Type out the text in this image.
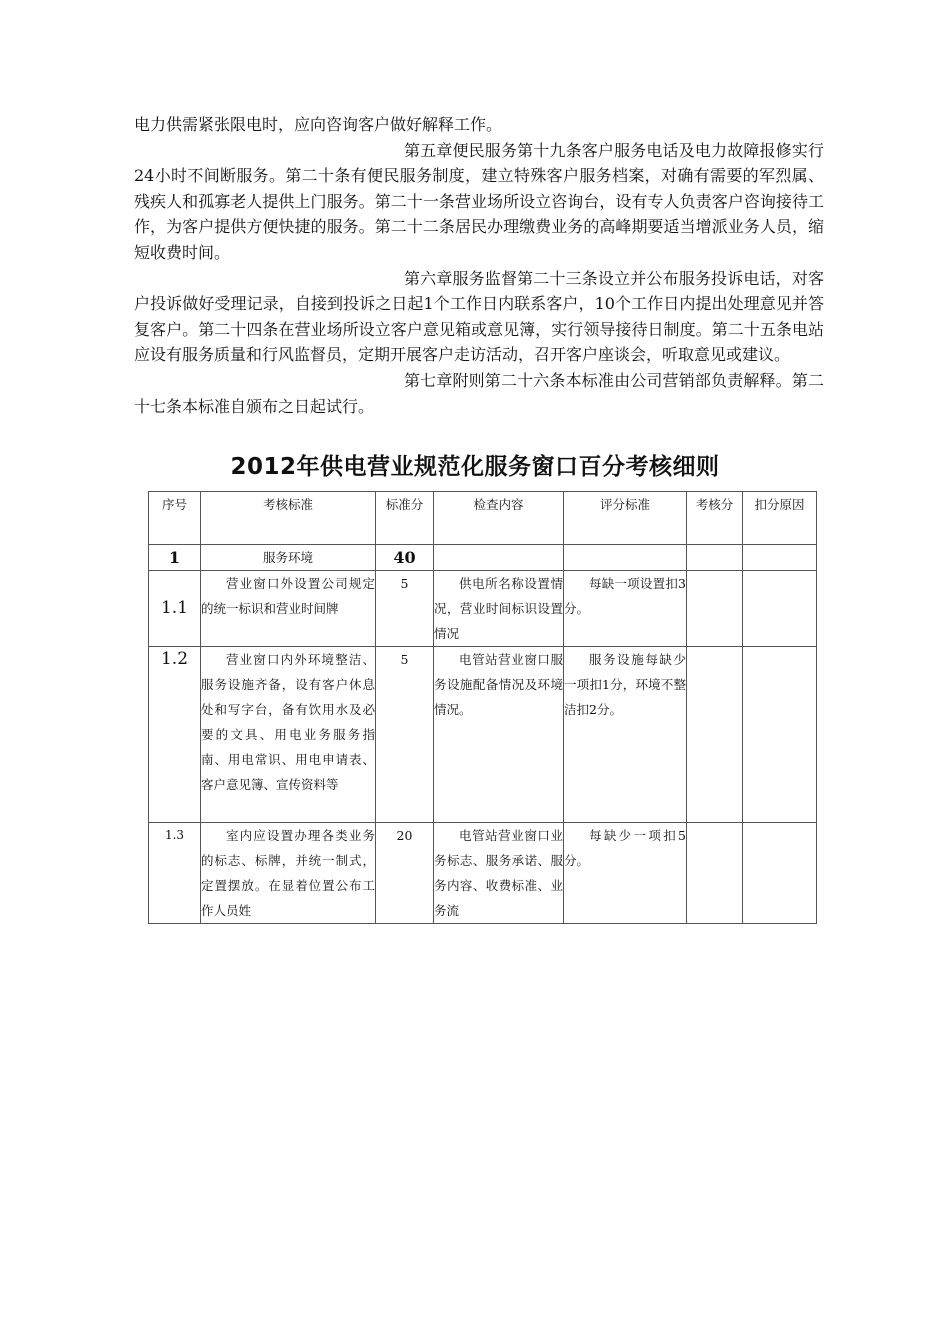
电力供需紧张限电时，应向咨询客户做好解释工作。

第五章便民服务第十九条客户服务电话及电力故障报修实行24小时不间断服务。第二十条有便民服务制度，建立特殊客户服务档案，对确有需要的军烈属、残疾人和孤寡老人提供上门服务。第二十一条营业场所设立咨询台，设有专人负责客户咨询接待工作，为客户提供方便快捷的服务。第二十二条居民办理缴费业务的高峰期要适当增派业务人员，缩短收费时间。

第六章服务监督第二十三条设立并公布服务投诉电话，对客户投诉做好受理记录，自接到投诉之日起1个工作日内联系客户，10个工作日内提出处理意见并答复客户。第二十四条在营业场所设立客户意见箱或意见簿，实行领导接待日制度。第二十五条电站应设有服务质量和行风监督员，定期开展客户走访活动，召开客户座谈会，听取意见或建议。

第七章附则第二十六条本标准由公司营销部负责解释。第二十七条本标准自颁布之日起试行。

2012年供电营业规范化服务窗口百分考核细则
序号	考核标准	标准分	检查内容	评分标准	考核分	扣分原因
1	服务环境	40				
1.1	营业窗口外设置公司规定的统一标识和营业时间牌	5	供电所名称设置情况，营业时间标识设置情况	每缺一项设置扣3分。		
1.2	营业窗口内外环境整洁、服务设施齐备，设有客户休息处和写字台，备有饮用水及必要的文具、用电业务服务指南、用电常识、用电申请表、客户意见簿、宣传资料等	5	电管站营业窗口服务设施配备情况及环境情况。	服务设施每缺少一项扣1分，环境不整洁扣2分。		
1.3	室内应设置办理各类业务的标志、标牌，并统一制式，定置摆放。在显着位置公布工作人员姓	20	电管站营业窗口业务标志、服务承诺、服务内容、收费标准、业务流	每缺少一项扣5分。		
